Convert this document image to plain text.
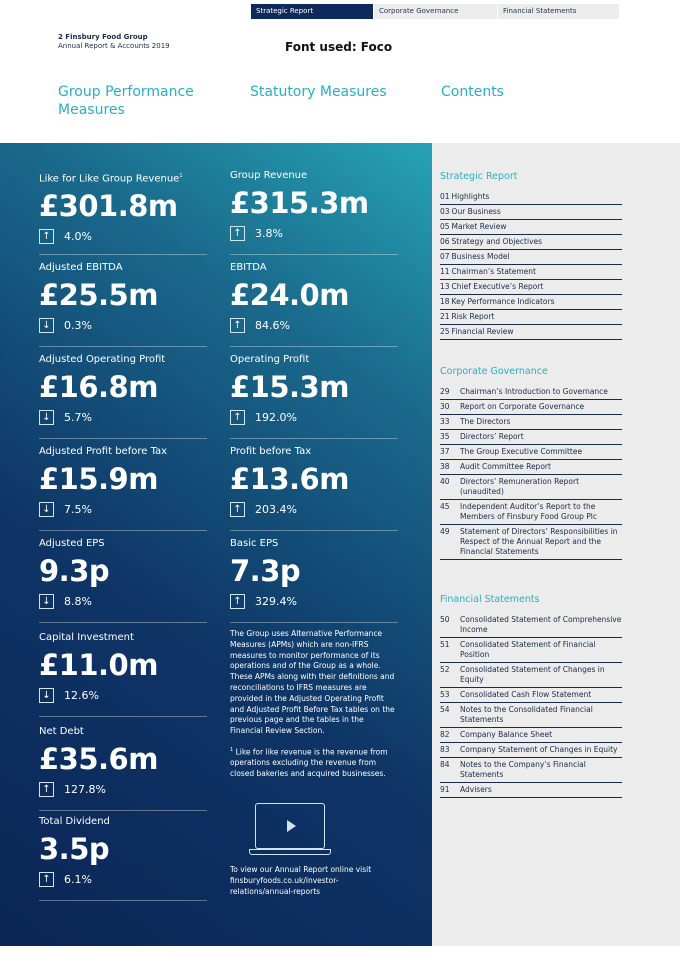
Strategic Report	Corporate Governance	Financial Statements
2 Finsbury Food Group
Annual Report & Accounts 2019	Font used: Foco
Group Performance Measures
Statutory Measures	Contents
Like for Like Group Revenue$^1$
£301.8m
↑	4.0%
Adjusted EBITDA
£25.5m
↓	0.3%
Adjusted Operating Profit
£16.8m
↓	5.7%
Adjusted Profit before Tax
£15.9m
↓	7.5%
Adjusted EPS
9.3p
↓	8.8%
Capital Investment
£11.0m
↓	12.6%
Net Debt
£35.6m
↑	127.8%
Total Dividend
3.5p
↑	6.1%
Group Revenue
£315.3m
↑	3.8%
EBITDA
£24.0m
↑	84.6%
Operating Profit
£15.3m
↑	192.0%
Profit before Tax
£13.6m
↑	203.4%
Basic EPS
7.3p
↑	329.4%
The Group uses Alternative Performance Measures (APMs) which are non-IFRS measures to monitor performance of its operations and of the Group as a whole. These APMs along with their definitions and reconciliations to IFRS measures are provided in the Adjusted Operating Profit and Adjusted Profit Before Tax tables on the previous page and the tables in the Financial Review Section.
$^1$ Like for like revenue is the revenue from operations excluding the revenue from closed bakeries and acquired businesses.
To view our Annual Report online visit finsburyfoods.co.uk/investor-relations/annual-reports
Strategic Report
01 Highlights
03 Our Business
05 Market Review
06 Strategy and Objectives
07 Business Model
11 Chairman’s Statement
13 Chief Executive’s Report
18 Key Performance Indicators
21 Risk Report
25 Financial Review
Corporate Governance
29	Chairman’s Introduction to Governance
30	Report on Corporate Governance
33	The Directors
35	Directors’ Report
37	The Group Executive Committee
38	Audit Committee Report
40	Directors’ Remuneration Report (unaudited)
45	Independent Auditor’s Report to the Members of Finsbury Food Group Plc
49	Statement of Directors’ Responsibilities in Respect of the Annual Report and the Financial Statements
Financial Statements
50	Consolidated Statement of Comprehensive Income
51	Consolidated Statement of Financial Position
52	Consolidated Statement of Changes in Equity
53	Consolidated Cash Flow Statement
54	Notes to the Consolidated Financial Statements
82	Company Balance Sheet
83	Company Statement of Changes in Equity
84	Notes to the Company’s Financial Statements
91	Advisers
